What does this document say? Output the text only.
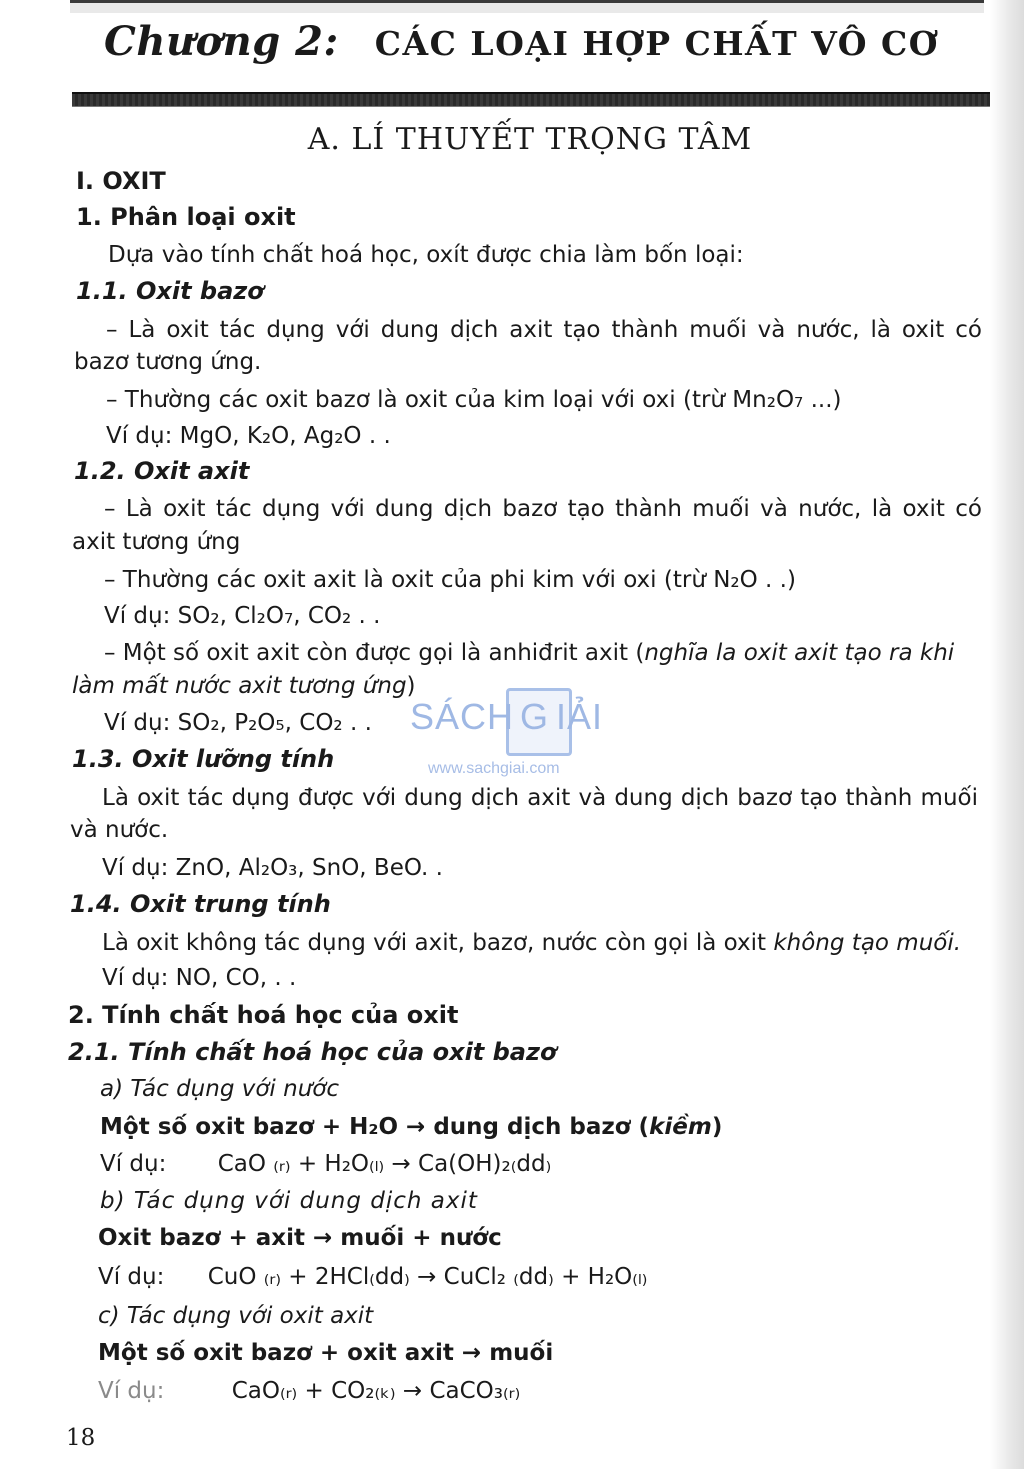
Chương 2: CÁC LOẠI HỢP CHẤT VÔ CƠ
A. LÍ THUYẾT TRỌNG TÂM
I. OXIT
1. Phân loại oxit
Dựa vào tính chất hoá học, oxít được chia làm bốn loại:
1.1. Oxit bazơ
– Là oxit tác dụng với dung dịch axit tạo thành muối và nước, là oxit có
bazơ tương ứng.
– Thường các oxit bazơ là oxit của kim loại với oxi (trừ Mn₂O₇ ...)
Ví dụ: MgO, K₂O, Ag₂O . .
1.2. Oxit axit
– Là oxit tác dụng với dung dịch bazơ tạo thành muối và nước, là oxit có
axit tương ứng
– Thường các oxit axit là oxit của phi kim với oxi (trừ N₂O . .)
Ví dụ: SO₂, Cl₂O₇, CO₂ . .
– Một số oxit axit còn được gọi là anhiđrit axit (nghĩa la oxit axit tạo ra khi
làm mất nước axit tương ứng)
Ví dụ: SO₂, P₂O₅, CO₂ . .
1.3. Oxit lưỡng tính
Là oxit tác dụng được với dung dịch axit và dung dịch bazơ tạo thành muối
và nước.
Ví dụ: ZnO, Al₂O₃, SnO, BeO. .
1.4. Oxit trung tính
Là oxit không tác dụng với axit, bazơ, nước còn gọi là oxit không tạo muối.
Ví dụ: NO, CO, . .
2. Tính chất hoá học của oxit
2.1. Tính chất hoá học của oxit bazơ
a) Tác dụng với nước
Một số oxit bazơ + H₂O → dung dịch bazơ (kiềm)
Ví dụ: CaO ₍ᵣ₎ + H₂O₍ₗ₎ → Ca(OH)₂₍dd₎
b) Tác dụng với dung dịch axit
Oxit bazơ + axit → muối + nước
Ví dụ: CuO ₍ᵣ₎ + 2HCl₍dd₎ → CuCl₂ ₍dd₎ + H₂O₍ₗ₎
c) Tác dụng với oxit axit
Một số oxit bazơ + oxit axit → muối
Ví dụ:	CaO₍ᵣ₎ + CO₂₍ₖ₎ → CaCO₃₍ᵣ₎
18
SÁCH G IẢI
www.sachgiai.com
